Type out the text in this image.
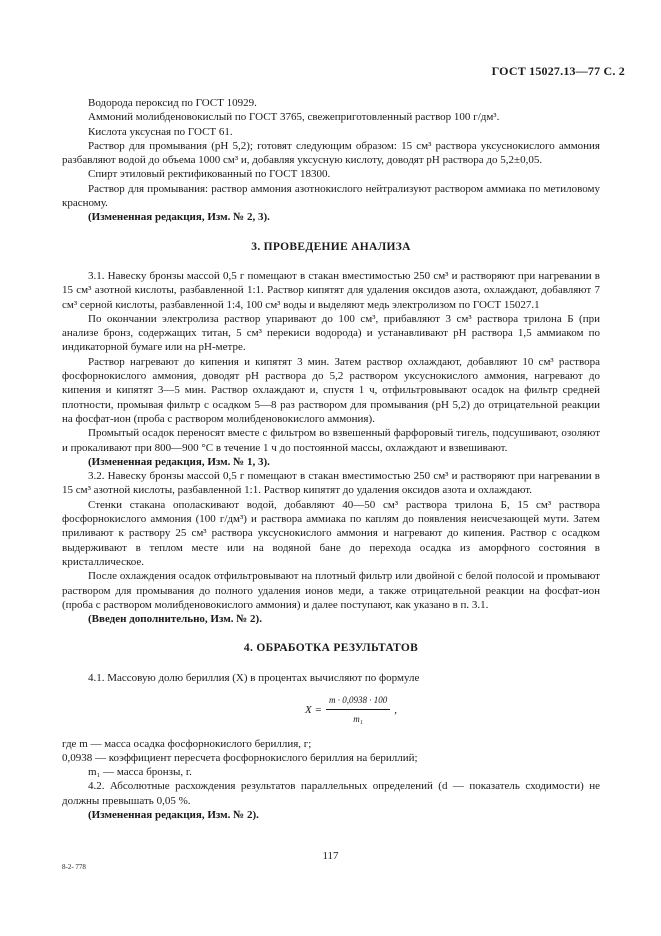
ГОСТ 15027.13—77 С. 2

Водорода пероксид по ГОСТ 10929.

Аммоний молибденовокислый по ГОСТ 3765, свежеприготовленный раствор 100 г/дм³.

Кислота уксусная по ГОСТ 61.

Раствор для промывания (рН 5,2); готовят следующим образом: 15 см³ раствора уксуснокислого аммония разбавляют водой до объема 1000 см³ и, добавляя уксусную кислоту, доводят рН раствора до 5,2±0,05.

Спирт этиловый ректификованный по ГОСТ 18300.

Раствор для промывания: раствор аммония азотнокислого нейтрализуют раствором аммиака по метиловому красному.

(Измененная редакция, Изм. № 2, 3).

3. ПРОВЕДЕНИЕ АНАЛИЗА

3.1. Навеску бронзы массой 0,5 г помещают в стакан вместимостью 250 см³ и растворяют при нагревании в 15 см³ азотной кислоты, разбавленной 1:1. Раствор кипятят для удаления оксидов азота, охлаждают, добавляют 7 см³ серной кислоты, разбавленной 1:4, 100 см³ воды и выделяют медь электролизом по ГОСТ 15027.1

По окончании электролиза раствор упаривают до 100 см³, прибавляют 3 см³ раствора трилона Б (при анализе бронз, содержащих титан, 5 см³ перекиси водорода) и устанавливают рН раствора 1,5 аммиаком по индикаторной бумаге или на рН-метре.

Раствор нагревают до кипения и кипятят 3 мин. Затем раствор охлаждают, добавляют 10 см³ раствора фосфорнокислого аммония, доводят рН раствора до 5,2 раствором уксуснокислого аммония, нагревают до кипения и кипятят 3—5 мин. Раствор охлаждают и, спустя 1 ч, отфильтровывают осадок на фильтр средней плотности, промывая фильтр с осадком 5—8 раз раствором для промывания (рН 5,2) до отрицательной реакции на фосфат-ион (проба с раствором молибденовокислого аммония).

Промытый осадок переносят вместе с фильтром во взвешенный фарфоровый тигель, подсушивают, озоляют и прокаливают при 800—900 °С в течение 1 ч до постоянной массы, охлаждают и взвешивают.

(Измененная редакция, Изм. № 1, 3).

3.2. Навеску бронзы массой 0,5 г помещают в стакан вместимостью 250 см³ и растворяют при нагревании в 15 см³ азотной кислоты, разбавленной 1:1. Раствор кипятят до удаления оксидов азота и охлаждают.

Стенки стакана ополаскивают водой, добавляют 40—50 см³ раствора трилона Б, 15 см³ раствора фосфорнокислого аммония (100 г/дм³) и раствора аммиака по каплям до появления неисчезающей мути. Затем приливают к раствору 25 см³ раствора уксуснокислого аммония и нагревают до кипения. Раствор с осадком выдерживают в теплом месте или на водяной бане до перехода осадка из аморфного состояния в кристаллическое.

После охлаждения осадок отфильтровывают на плотный фильтр или двойной с белой полосой и промывают раствором для промывания до полного удаления ионов меди, а также отрицательной реакции на фосфат-ион (проба с раствором молибденовокислого аммония) и далее поступают, как указано в п. 3.1.

(Введен дополнительно, Изм. № 2).

4. ОБРАБОТКА РЕЗУЛЬТАТОВ

4.1. Массовую долю бериллия (X) в процентах вычисляют по формуле

$X = \frac{m \cdot 0,0938 \cdot 100}{\text{m₁}}$ ,
где m — масса осадка фосфорнокислого бериллия, г;
0,0938 — коэффициент пересчета фосфорнокислого бериллия на бериллий;
m₁ — масса бронзы, г.

4.2. Абсолютные расхождения результатов параллельных определений (d — показатель сходимости) не должны превышать 0,05 %.

(Измененная редакция, Изм. № 2).

117
8-2- 778
